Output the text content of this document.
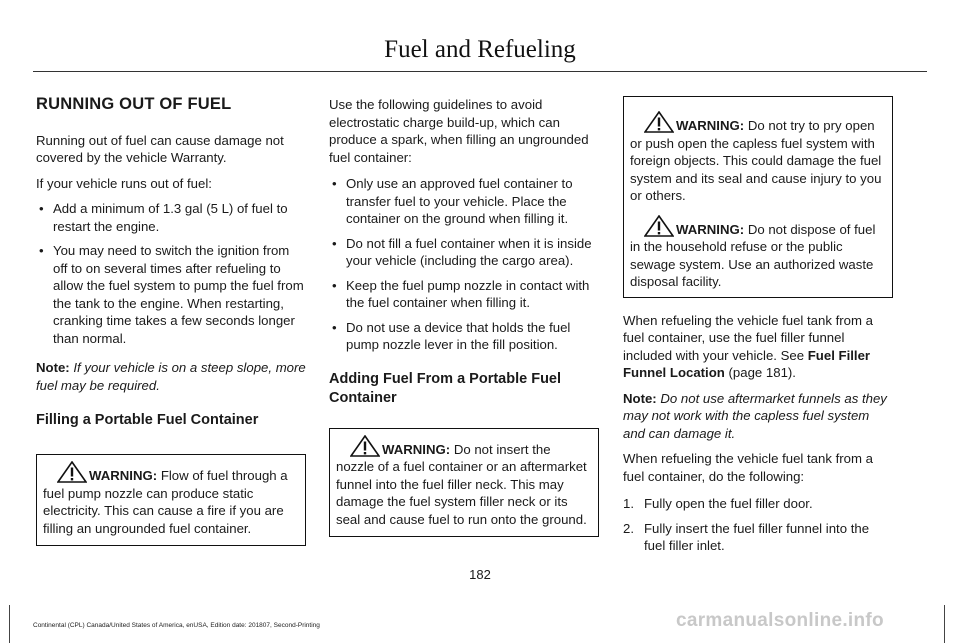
Fuel and Refueling
RUNNING OUT OF FUEL

Running out of fuel can cause damage not covered by the vehicle Warranty.

If your vehicle runs out of fuel:

• Add a minimum of 1.3 gal (5 L) of fuel to restart the engine.
• You may need to switch the ignition from off to on several times after refueling to allow the fuel system to pump the fuel from the tank to the engine. When restarting, cranking time takes a few seconds longer than normal.

Note: If your vehicle is on a steep slope, more fuel may be required.

Filling a Portable Fuel Container
WARNING: Flow of fuel through a fuel pump nozzle can produce static electricity. This can cause a fire if you are filling an ungrounded fuel container.

Use the following guidelines to avoid electrostatic charge build-up, which can produce a spark, when filling an ungrounded fuel container:

• Only use an approved fuel container to transfer fuel to your vehicle. Place the container on the ground when filling it.
• Do not fill a fuel container when it is inside your vehicle (including the cargo area).
• Keep the fuel pump nozzle in contact with the fuel container when filling it.
• Do not use a device that holds the fuel pump nozzle lever in the fill position.
Adding Fuel From a Portable Fuel Container
WARNING: Do not insert the nozzle of a fuel container or an aftermarket funnel into the fuel filler neck. This may damage the fuel system filler neck or its seal and cause fuel to run onto the ground.
WARNING: Do not try to pry open or push open the capless fuel system with foreign objects. This could damage the fuel system and its seal and cause injury to you or others.
WARNING: Do not dispose of fuel in the household refuse or the public sewage system. Use an authorized waste disposal facility.

When refueling the vehicle fuel tank from a fuel container, use the fuel filler funnel included with your vehicle. See Fuel Filler Funnel Location (page 181).

Note: Do not use aftermarket funnels as they may not work with the capless fuel system and can damage it.

When refueling the vehicle fuel tank from a fuel container, do the following:

1. Fully open the fuel filler door.
2. Fully insert the fuel filler funnel into the fuel filler inlet.
182
Continental (CPL) Canada/United States of America, enUSA, Edition date: 201807, Second-Printing	carmanualsonline.info
